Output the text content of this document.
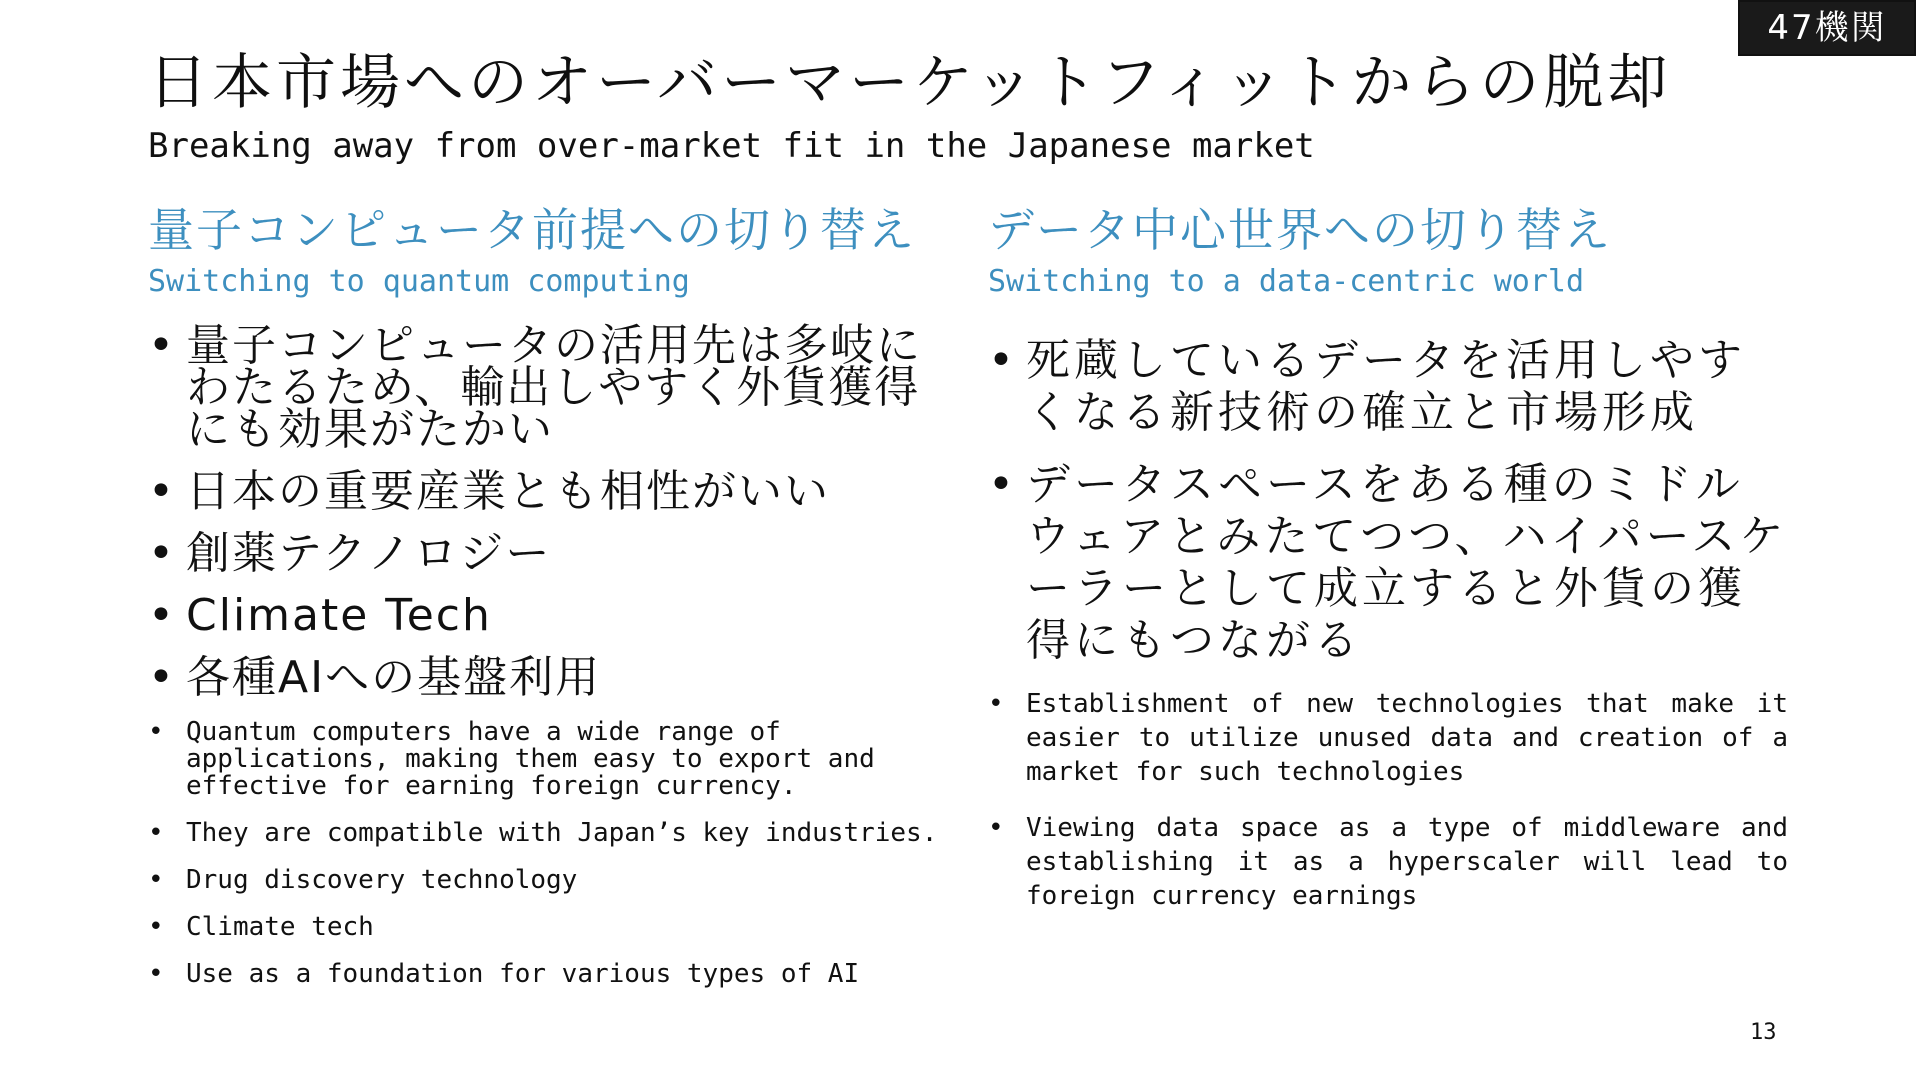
47機関
日本市場へのオーバーマーケットフィットからの脱却
Breaking away from over-market fit in the Japanese market
量子コンピュータ前提への切り替え
Switching to quantum computing
• 量子コンピュータの活用先は多岐にわたるため、輸出しやすく外貨獲得にも効果がたかい
• 日本の重要産業とも相性がいい
• 創薬テクノロジー
• Climate Tech
• 各種AIへの基盤利用
• Quantum computers have a wide range of applications, making them easy to export and effective for earning foreign currency.
• They are compatible with Japan’s key industries.
• Drug discovery technology
• Climate tech
• Use as a foundation for various types of AI
データ中心世界への切り替え
Switching to a data-centric world
• 死蔵しているデータを活用しやすくなる新技術の確立と市場形成
• データスペースをある種のミドルウェアとみたてつつ、ハイパースケーラーとして成立すると外貨の獲得にもつながる
• Establishment of new technologies that make it easier to utilize unused data and creation of a market for such technologies
• Viewing data space as a type of middleware and establishing it as a hyperscaler will lead to foreign currency earnings
13
